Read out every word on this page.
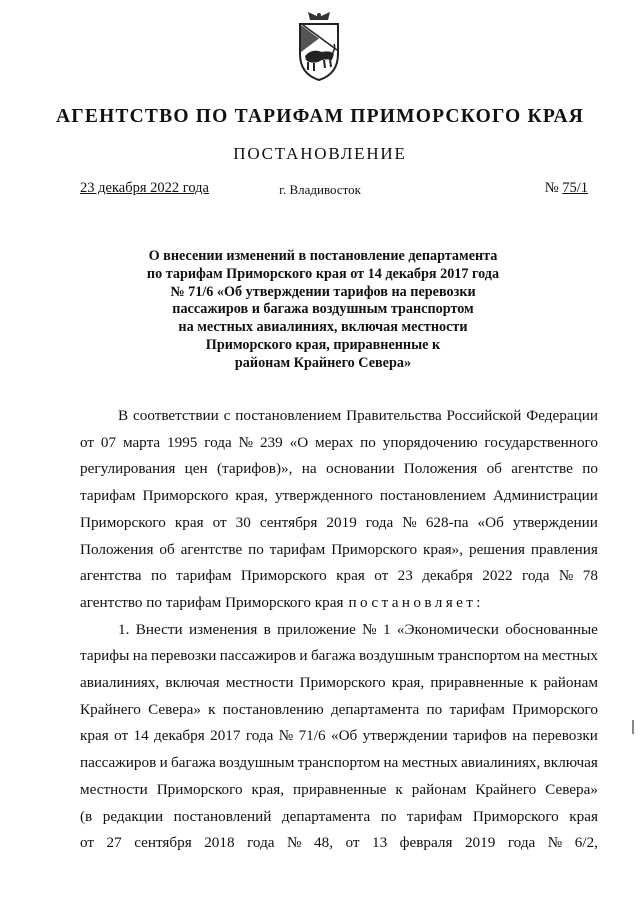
АГЕНТСТВО ПО ТАРИФАМ ПРИМОРСКОГО КРАЯ
ПОСТАНОВЛЕНИЕ
23 декабря 2022 года	г. Владивосток	№ 75/1
О внесении изменений в постановление департамента
по тарифам Приморского края от 14 декабря 2017 года
№ 71/6 «Об утверждении тарифов на перевозки
пассажиров и багажа воздушным транспортом
на местных авиалиниях, включая местности
Приморского края, приравненные к
районам Крайнего Севера»
В соответствии с постановлением Правительства Российской Федерации
от 07 марта 1995 года № 239 «О мерах по упорядочению государственного
регулирования цен (тарифов)», на основании Положения об агентстве по
тарифам Приморского края, утвержденного постановлением Администрации
Приморского края от 30 сентября 2019 года № 628-па «Об утверждении
Положения об агентстве по тарифам Приморского края», решения правления
агентства по тарифам Приморского края от 23 декабря 2022 года № 78
агентство по тарифам Приморского края постановляет:
1. Внести изменения в приложение № 1 «Экономически обоснованные
тарифы на перевозки пассажиров и багажа воздушным транспортом на местных
авиалиниях, включая местности Приморского края, приравненные к районам
Крайнего Севера» к постановлению департамента по тарифам Приморского
края от 14 декабря 2017 года № 71/6 «Об утверждении тарифов на перевозки
пассажиров и багажа воздушным транспортом на местных авиалиниях, включая
местности Приморского края, приравненные к районам Крайнего Севера»
(в редакции постановлений департамента по тарифам Приморского края
от 27 сентября 2018 года № 48, от 13 февраля 2019 года № 6/2,
